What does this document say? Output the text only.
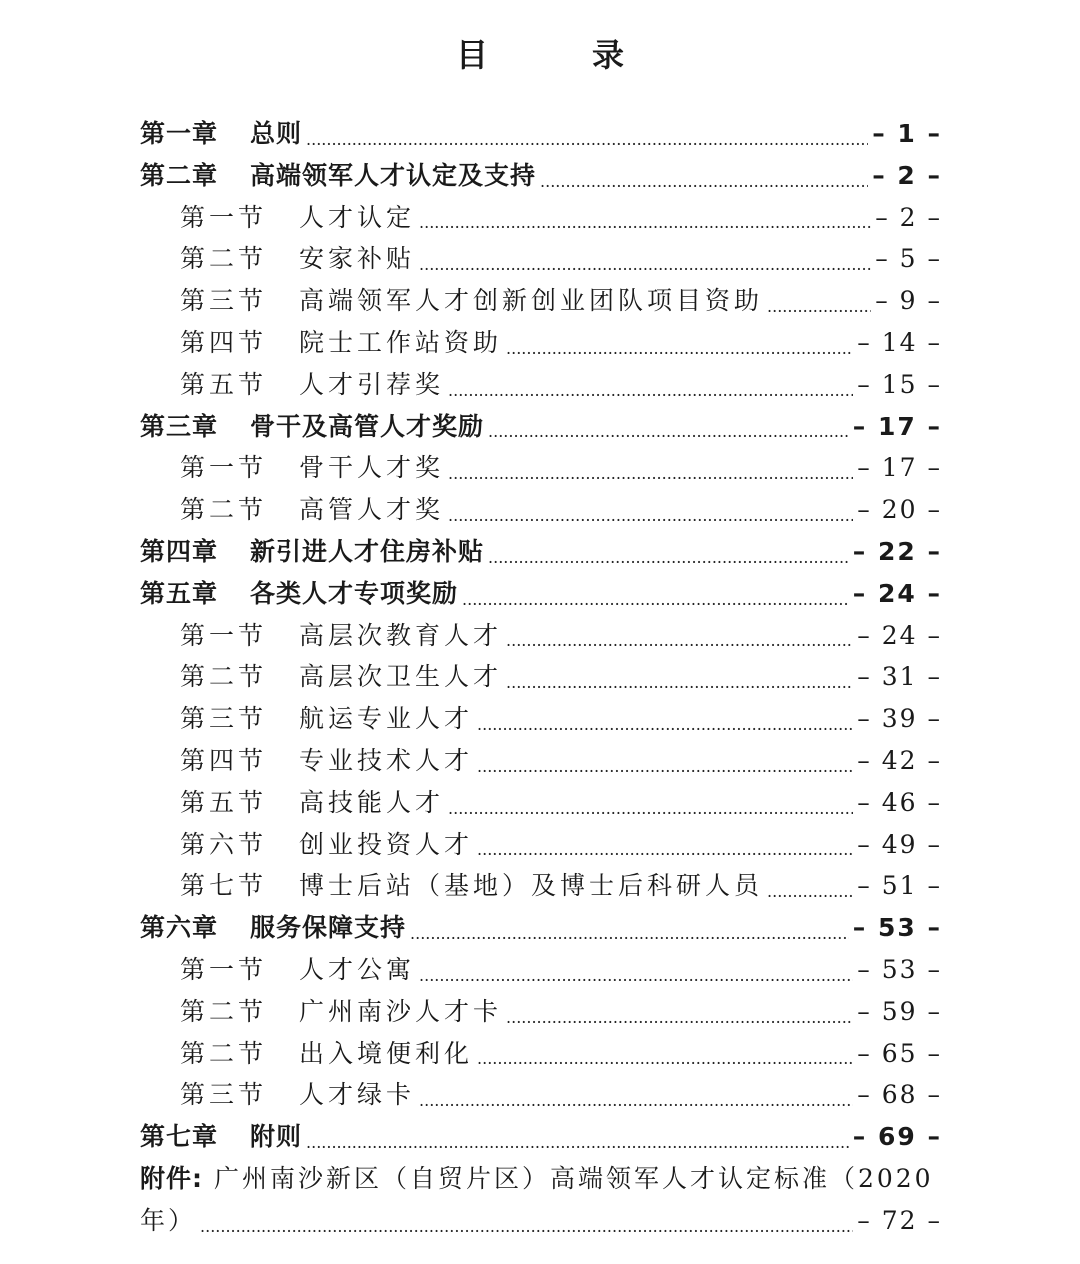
目　录
第一章 总则 .....	– 1 –
第二章 高端领军人才认定及支持 .....	– 2 –
第一节 人才认定 .....	– 2 –
第二节 安家补贴 .....	– 5 –
第三节 高端领军人才创新创业团队项目资助 .....	– 9 –
第四节 院士工作站资助 .....	– 14 –
第五节 人才引荐奖 .....	– 15 –
第三章 骨干及高管人才奖励 .....	– 17 –
第一节 骨干人才奖 .....	– 17 –
第二节 高管人才奖 .....	– 20 –
第四章 新引进人才住房补贴 .....	– 22 –
第五章 各类人才专项奖励 .....	– 24 –
第一节 高层次教育人才 .....	– 24 –
第二节 高层次卫生人才 .....	– 31 –
第三节 航运专业人才 .....	– 39 –
第四节 专业技术人才 .....	– 42 –
第五节 高技能人才 .....	– 46 –
第六节 创业投资人才 .....	– 49 –
第七节 博士后站（基地）及博士后科研人员 .....	– 51 –
第六章 服务保障支持 .....	– 53 –
第一节 人才公寓 .....	– 53 –
第二节 广州南沙人才卡 .....	– 59 –
第二节 出入境便利化 .....	– 65 –
第三节 人才绿卡 .....	– 68 –
第七章 附则 .....	– 69 –
附件: 广州南沙新区（自贸片区）高端领军人才认定标准（2020
年） .....	– 72 –
